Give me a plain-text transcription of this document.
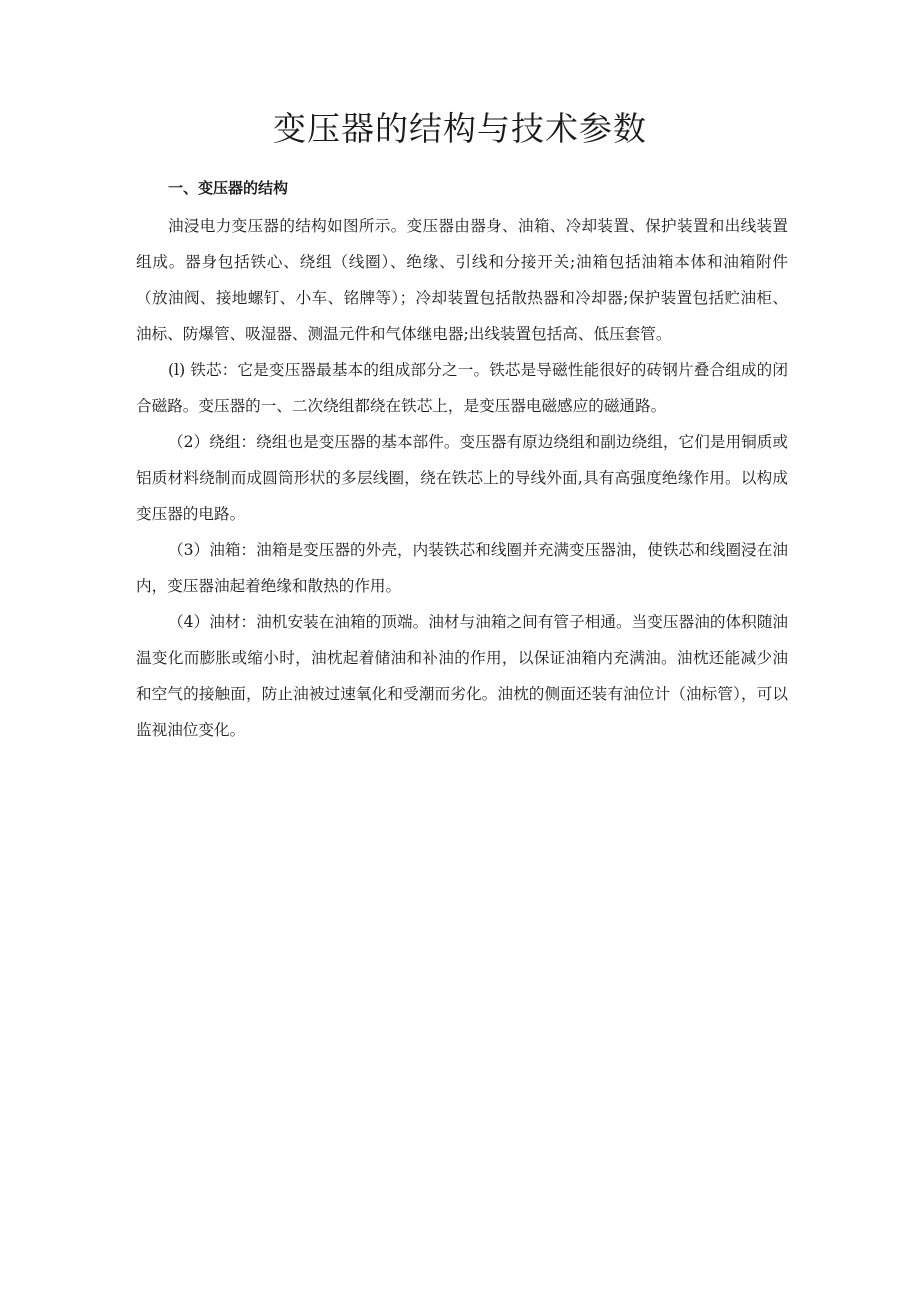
变压器的结构与技术参数
一、变压器的结构

油浸电力变压器的结构如图所示。变压器由器身、油箱、冷却装置、保护装置和出线装置组成。器身包括铁心、绕组（线圈）、绝缘、引线和分接开关;油箱包括油箱本体和油箱附件（放油阀、接地螺钉、小车、铭牌等）；冷却装置包括散热器和冷却器;保护装置包括贮油柜、油标、防爆管、吸湿器、测温元件和气体继电器;出线装置包括高、低压套管。

(l) 铁芯：它是变压器最基本的组成部分之一。铁芯是导磁性能很好的砖钢片叠合组成的闭合磁路。变压器的一、二次绕组都绕在铁芯上，是变压器电磁感应的磁通路。

（2）绕组：绕组也是变压器的基本部件。变压器有原边绕组和副边绕组，它们是用铜质或铝质材料绕制而成圆筒形状的多层线圈，绕在铁芯上的导线外面,具有高强度绝缘作用。以构成变压器的电路。

（3）油箱：油箱是变压器的外壳，内装铁芯和线圈并充满变压器油，使铁芯和线圈浸在油内，变压器油起着绝缘和散热的作用。

（4）油材：油机安装在油箱的顶端。油材与油箱之间有管子相通。当变压器油的体积随油温变化而膨胀或缩小时，油枕起着储油和补油的作用，以保证油箱内充满油。油枕还能减少油和空气的接触面，防止油被过速氧化和受潮而劣化。油枕的侧面还装有油位计（油标管），可以监视油位变化。
